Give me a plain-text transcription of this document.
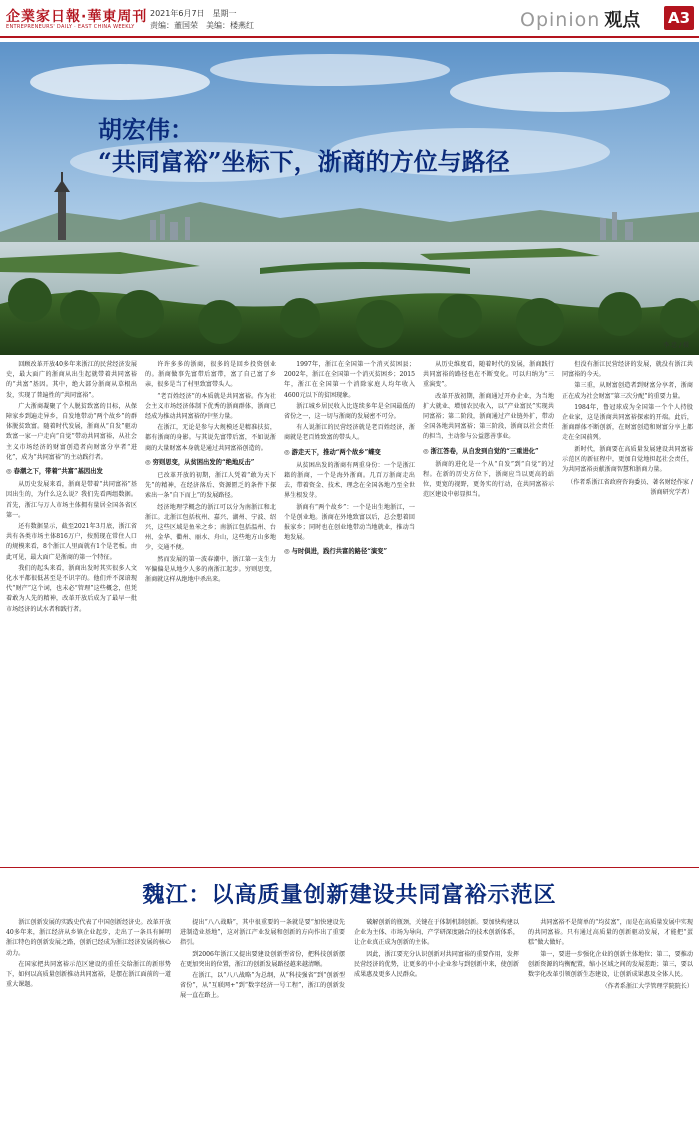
企業家日報·華東周刊
ENTREPRENEURS' DAILY · EAST CHINA WEEKLY
2021年6月7日 星期一
责编：董国荣 美编：楼燕红	Opinion 观点 A3
胡宏伟：
“共同富裕”坐标下，浙商的方位与路径
李 忠 / 摄

回顾改革开放40多年来浙江的民营经济发展史，最大面广的浙商从出生起就带着共同富裕的“共富”基因。其中，绝大部分浙商从草根出发，实现了普遍性的“共同富裕”。

广大浙商凝聚了个人脱贫致富的目标，从保障家乡到遍走异乡，自发地带动“两个故乡”的群体脱贫致富。随着时代发展，浙商从“自发”驱动致富一家一户走向“自觉”带动共同富裕，从社会主义市场经济的财富创造者向财富分享者“进化”，成为“共同富裕”的主动践行者。

◎ 春潮之下，带着“共富”基因出发

从历史发展来看，浙商是带着“共同富裕”基因出生的，为什么这么说？我们先看两组数据。首先，浙江与万人市场主体拥有量居全国各省区第一。

还有数据显示，截至2021年3月底，浙江省共有各类市场主体816万户，按照现在常住人口的规模来看，8个浙江人里面就有1个是老板。由此可见，最大面广是浙商的第一个特征。

我们的起头来看，浙商出发时其实很多人文化水平都很低甚至是不识字的。他们并不深谙现代“财产”这个词，也未必“管理”这些概念，但凭着敢为人先的精神，改革开放后成为了最早一批市场经济的试水者和践行者。

许许多多的浙商，很多的是回乡投资创业的。浙商做事先富带后富带，富了自己富了乡亲，很多是当了村里致富带头人。

“老百姓经济”的本质就是共同富裕。作为社会主义市场经济体制下优秀的浙商群体，浙商已经成为推动共同富裕的中坚力量。

在浙江，无论是参与大规模还是精准扶贫，都有浙商的身影。与其说先富带后富，不如说浙商的大量财富本身就是通过共同富裕创造的。

◎ 穷则思变，从贫困出发的“绝地反击”

已改革开放的初期，浙江人凭着“敢为天下先”的精神，在经济落后、资源匮乏的条件下探索出一条“自下而上”的发展路径。

经济地理学概念的浙江可以分为南浙江和北浙江。北浙江包括杭州、嘉兴、湖州、宁波、绍兴，这些区域是鱼米之乡；南浙江包括温州、台州、金华、衢州、丽水、舟山，这些地方山多地少，交通不便。

然而发展的第一波春潮中，浙江第一支生力军偏偏是从地少人多的南浙江起步。穷则思变，浙商就这样从绝地中杀出来。

1997年，浙江在全国第一个消灭贫困县；2002年，浙江在全国第一个消灭贫困乡；2015年，浙江在全国第一个消除家庭人均年收入4600元以下的贫困现象。

浙江城乡居民收入比连续多年是全国最低的省份之一，这一切与浙商的发展密不可分。

有人说浙江的民营经济就是老百姓经济，浙商就是老百姓致富的带头人。

◎ 游走天下，推动“两个故乡”蝶变

从贫困出发的浙商有两重身份：一个是浙江籍的浙商，一个是海外浙商。几百万浙商走出去，带着资金、技术、理念在全国各地乃至全世界生根发芽。

浙商有“两个故乡”：一个是出生地浙江，一个是创业地。浙商在外地致富以后，总会想着回报家乡；同时也在创业地带动当地就业，推动当地发展。

◎ 与时俱进，践行共富的路径“演变”

从历史维度看，随着时代的发展，浙商践行共同富裕的路径也在不断变化。可以归纳为“三重演变”。

改革开放初期，浙商通过开办企业，为当地扩大就业、增加农民收入，以“产业富民”实现共同富裕；第二阶段，浙商通过产业链外扩，带动全国各地共同富裕；第三阶段，浙商以社会责任的担当，主动参与公益慈善事业。

◎ 浙江答卷，从自发到自觉的“三重进化”

浙商的进化是一个从“自发”到“自觉”的过程。在新的历史方位下，浙商应当以更高的站位，更宽的视野，更务实的行动，在共同富裕示范区建设中彰显担当。

但没有浙江民营经济的发展，就没有浙江共同富裕的今天。

第三重，从财富创造者到财富分享者，浙商正在成为社会财富“第三次分配”的重要力量。

1984年，鲁冠球成为全国第一个个人持股企业家，这是浙商共同富裕探索的开端。此后，浙商群体不断创新，在财富创造和财富分享上都走在全国前列。

新时代，浙商要在高质量发展建设共同富裕示范区的新征程中，更加自觉地担起社会责任，为共同富裕贡献浙商智慧和浙商力量。

（作者系浙江省政府咨询委员、著名财经作家 / 浙商研究学者）
魏江：以高质量创新建设共同富裕示范区

浙江创新发展的实践史代表了中国创新经济史。改革开放40多年来，浙江经济从乡镇企业起步，走出了一条具有鲜明浙江特色的创新发展之路，创新已经成为浙江经济发展的核心动力。

在国家把共同富裕示范区建设的重任交给浙江的新形势下，如何以高质量创新推动共同富裕，是摆在浙江面前的一道重大课题。

提出“八八战略”，其中很重要的一条就是要“加快建设先进制造业基地”，这对浙江产业发展和创新的方向作出了重要指引。

到2006年浙江又提出要建设创新型省份，把科技创新摆在更加突出的位置，浙江的创新发展路径越来越清晰。

在浙江，以“八八战略”为总纲，从“科技强省”到“创新型省份”，从“互联网+”到“数字经济一号工程”，浙江的创新发展一直在路上。

破解创新的瓶颈，关键在于体制机制创新。要加快构建以企业为主体、市场为导向、产学研深度融合的技术创新体系，让企业真正成为创新的主体。

因此，浙江要充分认识创新对共同富裕的重要作用，发挥民营经济的优势，让更多的中小企业参与到创新中来，使创新成果惠及更多人民群众。

共同富裕不是简单的“均贫富”，而是在高质量发展中实现的共同富裕。只有通过高质量的创新驱动发展，才能把“蛋糕”做大做好。

第一，要进一步强化企业的创新主体地位；第二，要推动创新资源的均衡配置，缩小区域之间的发展差距；第三，要以数字化改革引领创新生态建设，让创新成果惠及全体人民。

（作者系浙江大学管理学院院长）
